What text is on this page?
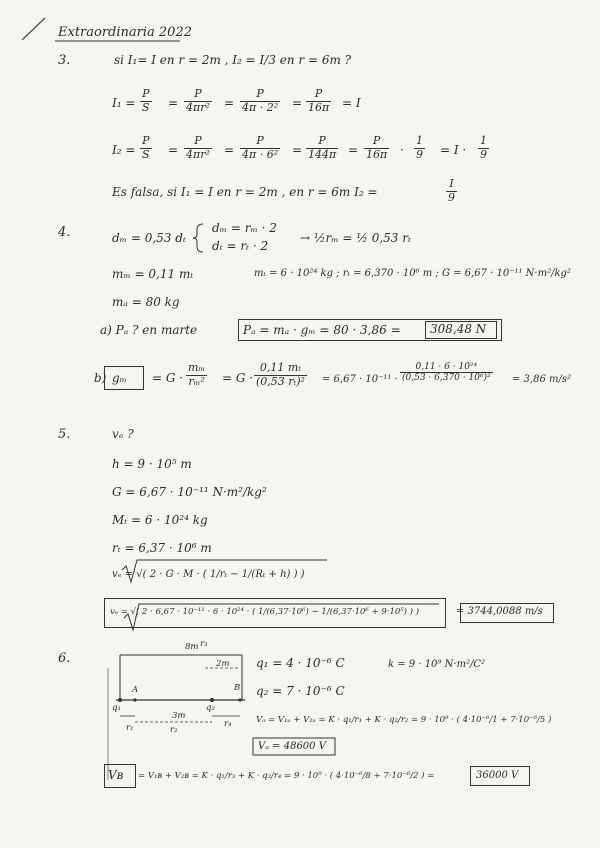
Extraordinaria 2022
3.	si I₁= I en r = 2m , I₂ = I/3 en r = 6m ?
$I_1 = \frac{P}{S} = \frac{P}{\text{4πr²}} = \frac{P}{\text{4π · 2²}} = \frac{P}{16\pi} = I$
$I_2 = \frac{P}{S} = \frac{P}{\text{4πr²}} = \frac{P}{\text{4π · 6²}} = \frac{P}{144\pi} = \frac{P}{16\pi} \cdot \frac{1}{9} = I \cdot \frac{1}{9}$
Es falsa, si I₁ = I en r = 2m , en r = 6m I₂ =	$\frac{I}{9}$
4.	dₘ = 0,53 dₜ
dₘ = rₘ · 2
dₜ = rₜ · 2
→ ½rₘ = ½ 0,53 rₜ
mₘ = 0,11 mₜ	mₜ = 6 · 10²⁴ kg ; rₜ = 6,370 · 10⁶ m ; G = 6,67 · 10⁻¹¹ N·m²/kg²
mₐ = 80 kg
a) Pₐ ? en marte	Pₐ = mₐ · gₘ = 80 · 3,86 = 308,48 N
b) $g_m = G \cdot \frac{\text{mₘ}}{\text{rₘ²}} = G \cdot \frac{\text{0,11 mₜ}}{\text{(0,53 rₜ)²}} = 6,67 \cdot 10^{-11} \cdot \frac{\text{0,11 · 6 · 10²⁴}}{\text{(0,53 · 6,370 · 10⁶)²}} = 3,86$ m/s²
5.	vₑ ?
h = 9 · 10⁵ m
G = 6,67 · 10⁻¹¹ N·m²/kg²
Mₜ = 6 · 10²⁴ kg
rₜ = 6,37 · 10⁶ m
vₑ = √( 2 · G · M · ( 1/rₜ − 1/(Rₜ + h) ) )
vₑ = √( 2 · 6,67 · 10⁻¹¹ · 6 · 10²⁴ · ( 1/(6,37·10⁶) − 1/(6,37·10⁶ + 9·10⁵) ) )	= 3744,0088 m/s
6.
8m
A	B
q₁	q₂
2m
3m
r₃
r₁	r₂
r₄
q₁ = 4 · 10⁻⁶ C
q₂ = 7 · 10⁻⁶ C
k = 9 · 10⁹ N·m²/C²
Vₐ = V₁ₐ + V₂ₐ = K · q₁/r₁ + K · q₂/r₂ = 9 · 10⁹ · ( 4·10⁻⁶/1 + 7·10⁻⁶/5 )
Vₐ = 48600 V
Vʙ = V₁ʙ + V₂ʙ = K · q₁/r₃ + K · q₂/r₄ = 9 · 10⁹ · ( 4·10⁻⁶/8 + 7·10⁻⁶/2 ) =	36000 V
